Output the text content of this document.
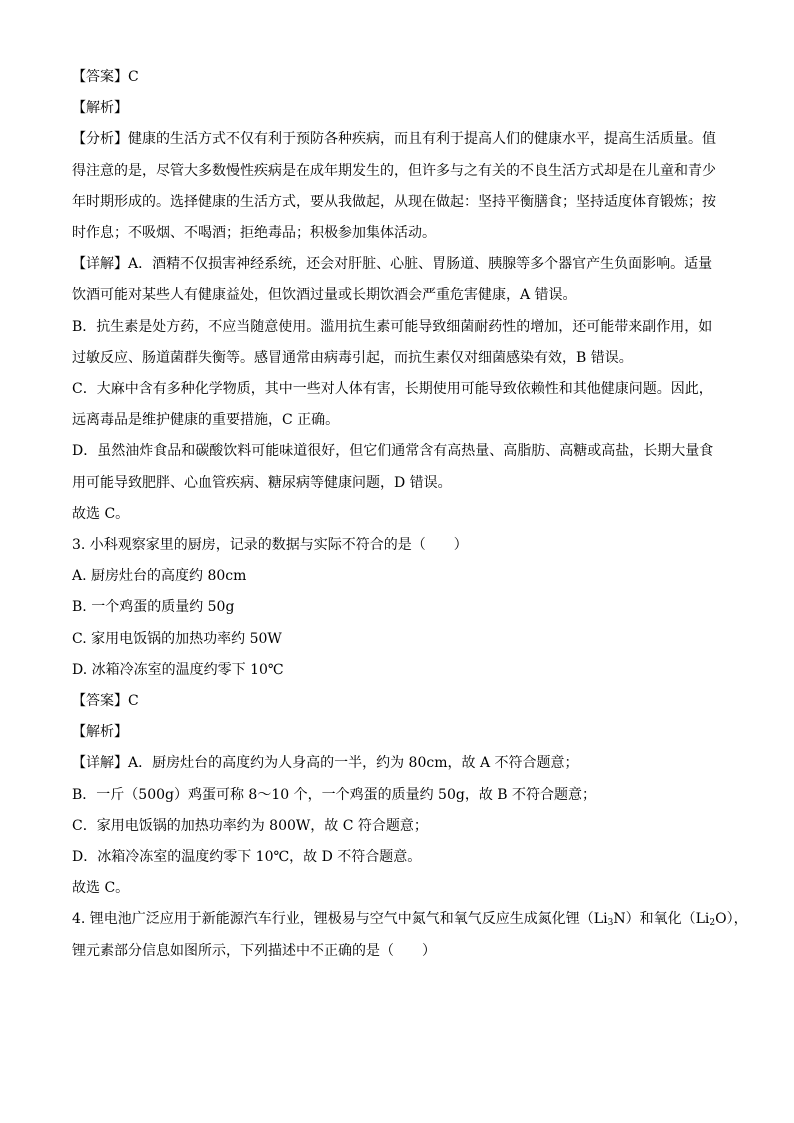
【答案】C
【解析】
【分析】健康的生活方式不仅有利于预防各种疾病，而且有利于提高人们的健康水平，提高生活质量。值
得注意的是，尽管大多数慢性疾病是在成年期发生的，但许多与之有关的不良生活方式却是在儿童和青少
年时期形成的。选择健康的生活方式，要从我做起，从现在做起：坚持平衡膳食；坚持适度体育锻炼；按
时作息；不吸烟、不喝酒；拒绝毒品；积极参加集体活动。
【详解】A．酒精不仅损害神经系统，还会对肝脏、心脏、胃肠道、胰腺等多个器官产生负面影响。适量
饮酒可能对某些人有健康益处，但饮酒过量或长期饮酒会严重危害健康，A 错误。
B．抗生素是处方药，不应当随意使用。滥用抗生素可能导致细菌耐药性的增加，还可能带来副作用，如
过敏反应、肠道菌群失衡等。感冒通常由病毒引起，而抗生素仅对细菌感染有效，B 错误。
C．大麻中含有多种化学物质，其中一些对人体有害，长期使用可能导致依赖性和其他健康问题。因此，
远离毒品是维护健康的重要措施，C 正确。
D．虽然油炸食品和碳酸饮料可能味道很好，但它们通常含有高热量、高脂肪、高糖或高盐，长期大量食
用可能导致肥胖、心血管疾病、糖尿病等健康问题，D 错误。
故选 C。
3. 小科观察家里的厨房，记录的数据与实际不符合的是（　　）
A. 厨房灶台的高度约 80cm
B. 一个鸡蛋的质量约 50g
C. 家用电饭锅的加热功率约 50W
D. 冰箱冷冻室的温度约零下 10℃
【答案】C
【解析】
【详解】A．厨房灶台的高度约为人身高的一半，约为 80cm，故 A 不符合题意；
B．一斤（500g）鸡蛋可称 8～10 个，一个鸡蛋的质量约 50g，故 B 不符合题意；
C．家用电饭锅的加热功率约为 800W，故 C 符合题意；
D．冰箱冷冻室的温度约零下 10℃，故 D 不符合题意。
故选 C。
4. 锂电池广泛应用于新能源汽车行业，锂极易与空气中氮气和氧气反应生成氮化锂$(Li_3N)$和氧化$(Li_2O)$，
锂元素部分信息如图所示，下列描述中不正确的是（　　）
